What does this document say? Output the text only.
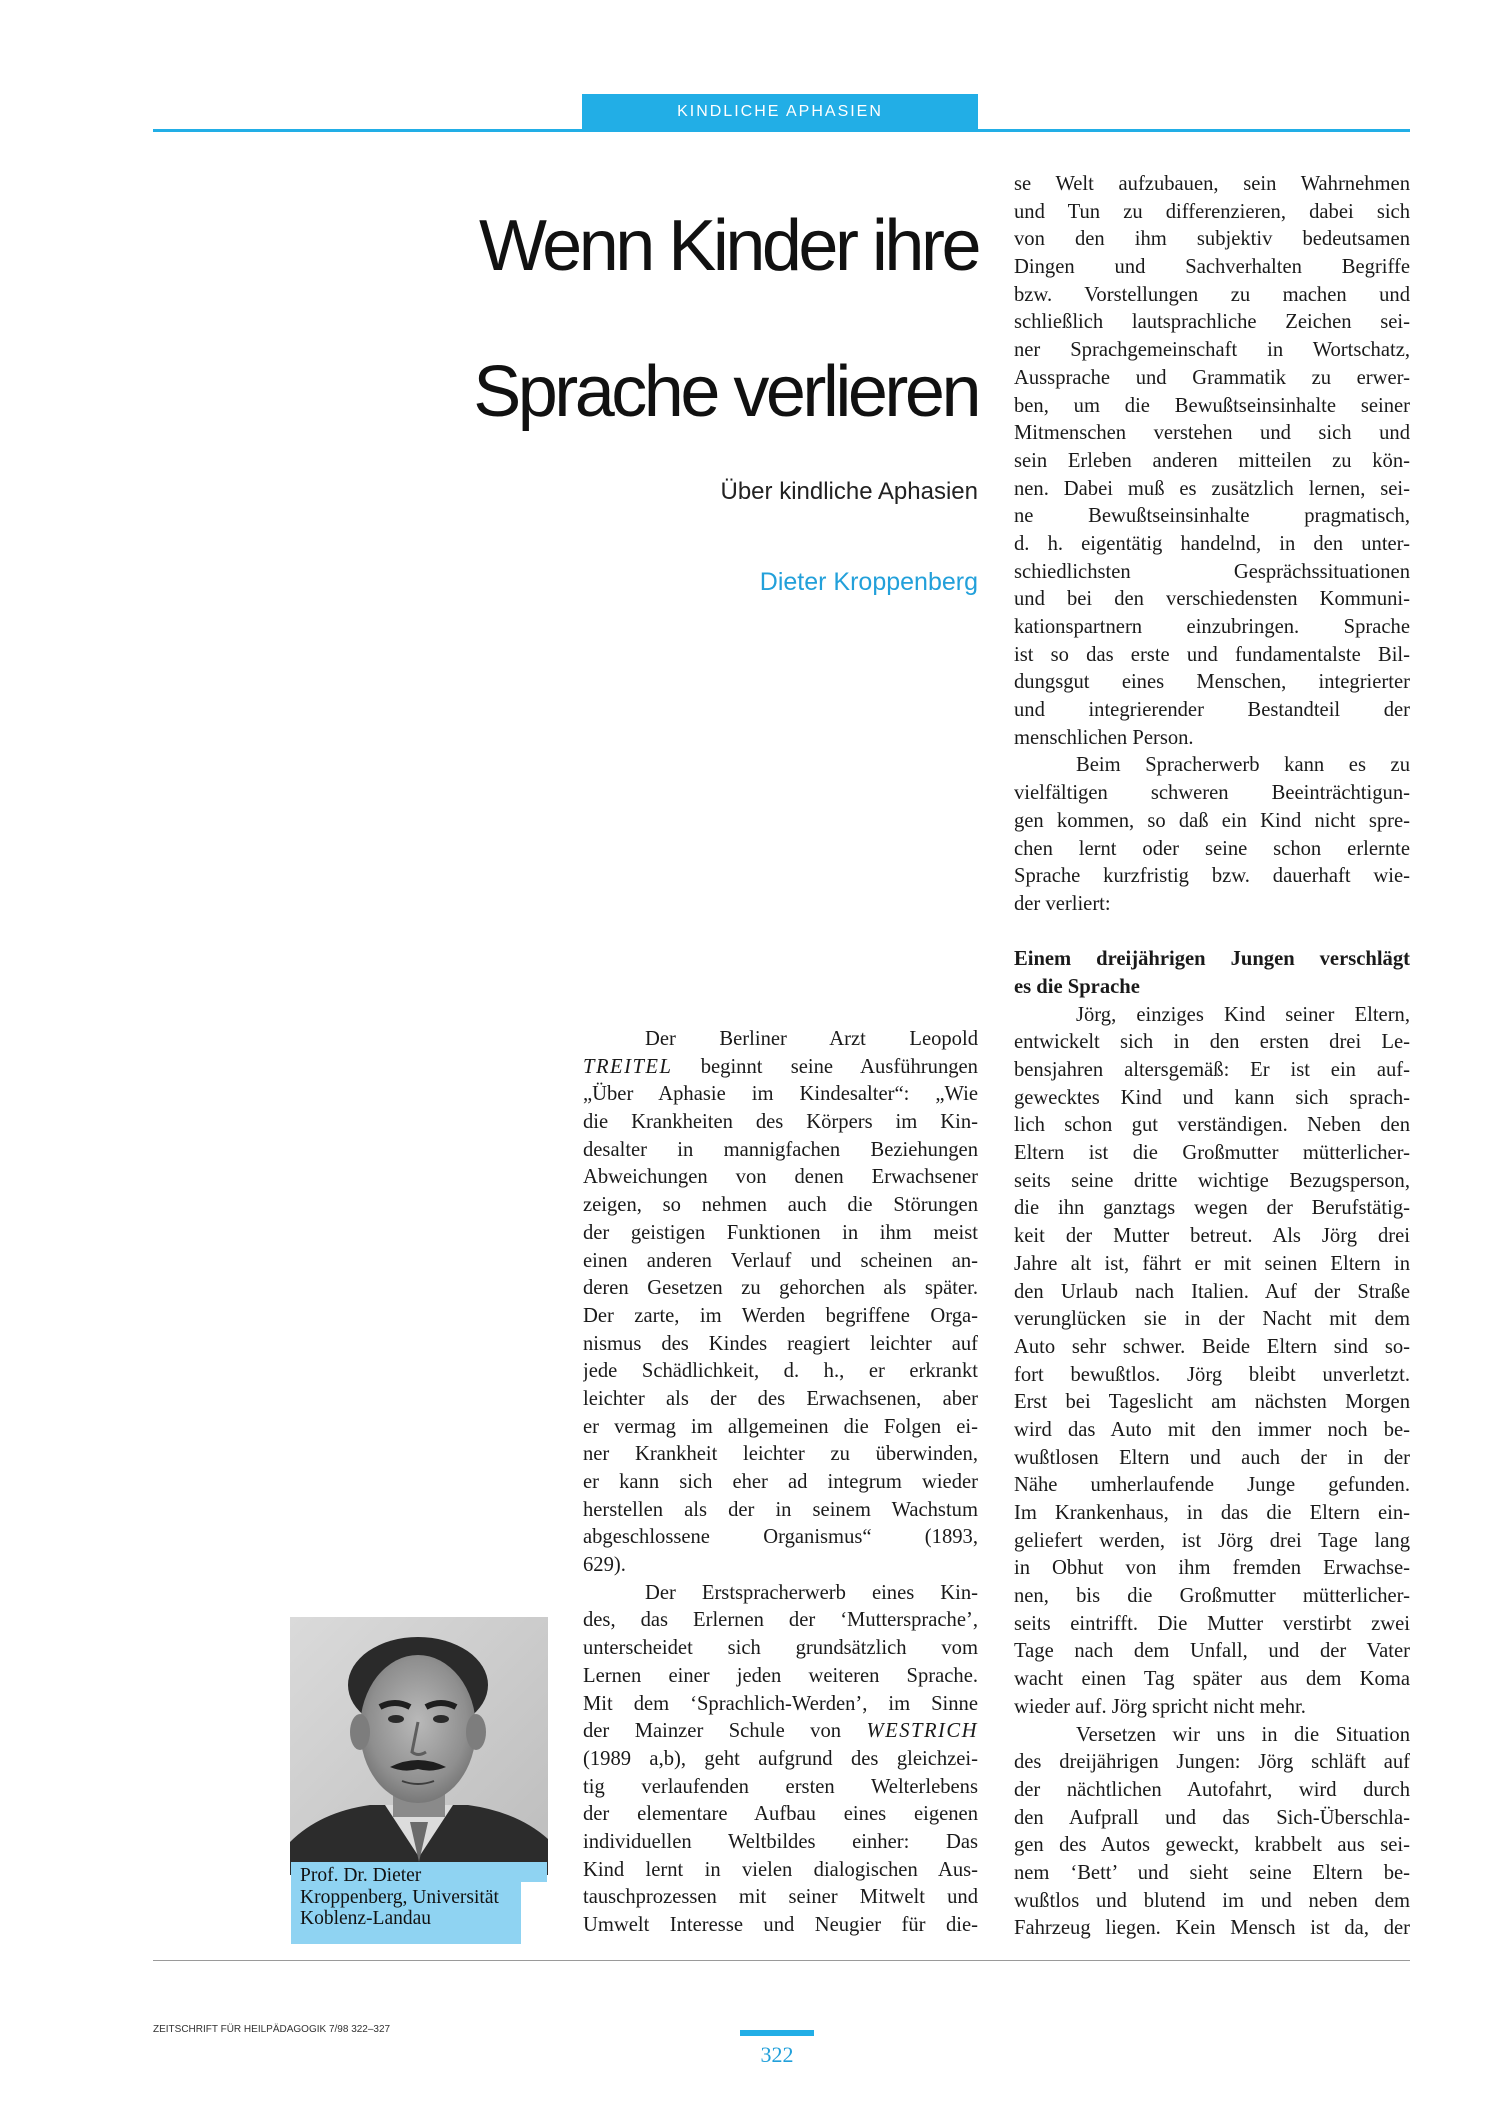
KINDLICHE APHASIEN
Wenn Kinder ihre
Sprache verlieren
Über kindliche Aphasien
Dieter Kroppenberg
Der Berliner Arzt Leopold
TREITEL beginnt seine Ausführungen
„Über Aphasie im Kindesalter“: „Wie
die Krankheiten des Körpers im Kin-
desalter in mannigfachen Beziehungen
Abweichungen von denen Erwachsener
zeigen, so nehmen auch die Störungen
der geistigen Funktionen in ihm meist
einen anderen Verlauf und scheinen an-
deren Gesetzen zu gehorchen als später.
Der zarte, im Werden begriffene Orga-
nismus des Kindes reagiert leichter auf
jede Schädlichkeit, d. h., er erkrankt
leichter als der des Erwachsenen, aber
er vermag im allgemeinen die Folgen ei-
ner Krankheit leichter zu überwinden,
er kann sich eher ad integrum wieder
herstellen als der in seinem Wachstum
abgeschlossene Organismus“ (1893,
629).
Der Erstspracherwerb eines Kin-
des, das Erlernen der ‘Muttersprache’,
unterscheidet sich grundsätzlich vom
Lernen einer jeden weiteren Sprache.
Mit dem ‘Sprachlich-Werden’, im Sinne
der Mainzer Schule von WESTRICH
(1989 a,b), geht aufgrund des gleichzei-
tig verlaufenden ersten Welterlebens
der elementare Aufbau eines eigenen
individuellen Weltbildes einher: Das
Kind lernt in vielen dialogischen Aus-
tauschprozessen mit seiner Mitwelt und
Umwelt Interesse und Neugier für die-
se Welt aufzubauen, sein Wahrnehmen
und Tun zu differenzieren, dabei sich
von den ihm subjektiv bedeutsamen
Dingen und Sachverhalten Begriffe
bzw. Vorstellungen zu machen und
schließlich lautsprachliche Zeichen sei-
ner Sprachgemeinschaft in Wortschatz,
Aussprache und Grammatik zu erwer-
ben, um die Bewußtseinsinhalte seiner
Mitmenschen verstehen und sich und
sein Erleben anderen mitteilen zu kön-
nen. Dabei muß es zusätzlich lernen, sei-
ne Bewußtseinsinhalte pragmatisch,
d. h. eigentätig handelnd, in den unter-
schiedlichsten Gesprächssituationen
und bei den verschiedensten Kommuni-
kationspartnern einzubringen. Sprache
ist so das erste und fundamentalste Bil-
dungsgut eines Menschen, integrierter
und integrierender Bestandteil der
menschlichen Person.
Beim Spracherwerb kann es zu
vielfältigen schweren Beeinträchtigun-
gen kommen, so daß ein Kind nicht spre-
chen lernt oder seine schon erlernte
Sprache kurzfristig bzw. dauerhaft wie-
der verliert:
Einem dreijährigen Jungen verschlägt
es die Sprache
Jörg, einziges Kind seiner Eltern,
entwickelt sich in den ersten drei Le-
bensjahren altersgemäß: Er ist ein auf-
gewecktes Kind und kann sich sprach-
lich schon gut verständigen. Neben den
Eltern ist die Großmutter mütterlicher-
seits seine dritte wichtige Bezugsperson,
die ihn ganztags wegen der Berufstätig-
keit der Mutter betreut. Als Jörg drei
Jahre alt ist, fährt er mit seinen Eltern in
den Urlaub nach Italien. Auf der Straße
verunglücken sie in der Nacht mit dem
Auto sehr schwer. Beide Eltern sind so-
fort bewußtlos. Jörg bleibt unverletzt.
Erst bei Tageslicht am nächsten Morgen
wird das Auto mit den immer noch be-
wußtlosen Eltern und auch der in der
Nähe umherlaufende Junge gefunden.
Im Krankenhaus, in das die Eltern ein-
geliefert werden, ist Jörg drei Tage lang
in Obhut von ihm fremden Erwachse-
nen, bis die Großmutter mütterlicher-
seits eintrifft. Die Mutter verstirbt zwei
Tage nach dem Unfall, und der Vater
wacht einen Tag später aus dem Koma
wieder auf. Jörg spricht nicht mehr.
Versetzen wir uns in die Situation
des dreijährigen Jungen: Jörg schläft auf
der nächtlichen Autofahrt, wird durch
den Aufprall und das Sich-Überschla-
gen des Autos geweckt, krabbelt aus sei-
nem ‘Bett’ und sieht seine Eltern be-
wußtlos und blutend im und neben dem
Fahrzeug liegen. Kein Mensch ist da, der
Prof. Dr. Dieter
Kroppenberg, Universität
Koblenz-Landau
ZEITSCHRIFT FÜR HEILPÄDAGOGIK 7/98 322–327
322
